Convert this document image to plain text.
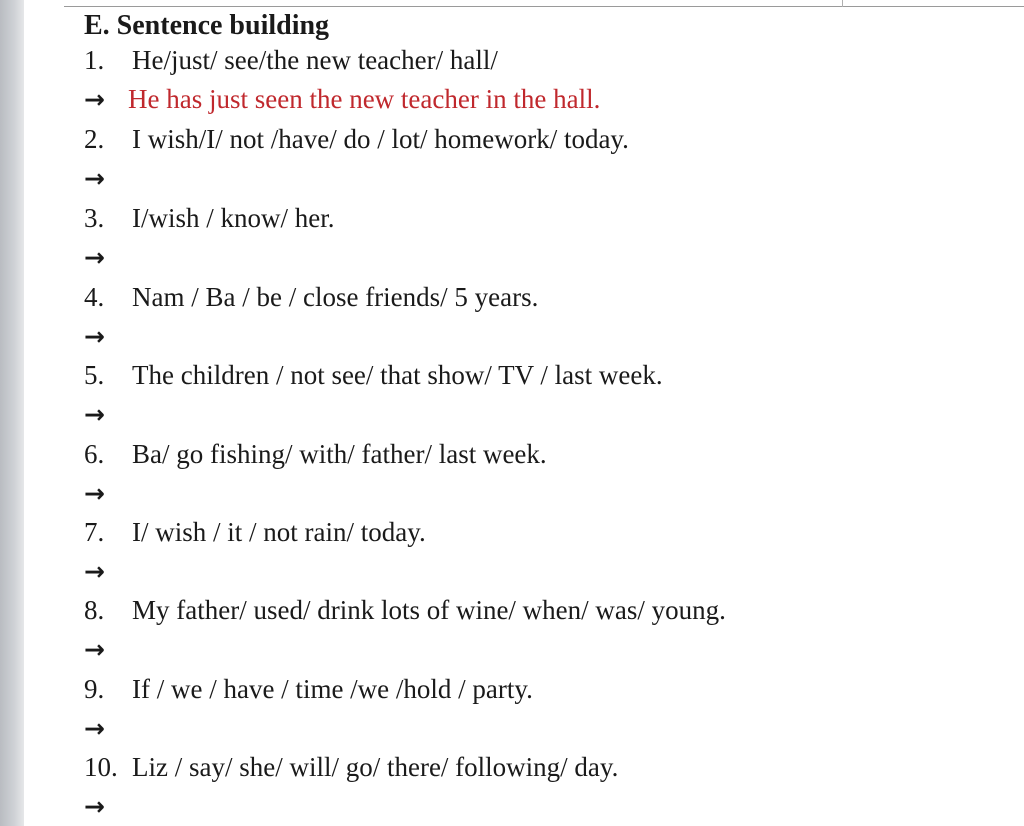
E. Sentence building
1. He/just/ see/the new teacher/ hall/
→ He has just seen the new teacher in the hall.
2. I wish/I/ not /have/ do / lot/ homework/ today.
→
3. I/wish / know/ her.
→
4. Nam / Ba / be / close friends/ 5 years.
→
5. The children / not see/ that show/ TV / last week.
→
6. Ba/ go fishing/ with/ father/ last week.
→
7. I/ wish / it / not rain/ today.
→
8. My father/ used/ drink lots of wine/ when/ was/ young.
→
9. If / we / have / time /we /hold / party.
→
10. Liz / say/ she/ will/ go/ there/ following/ day.
→
